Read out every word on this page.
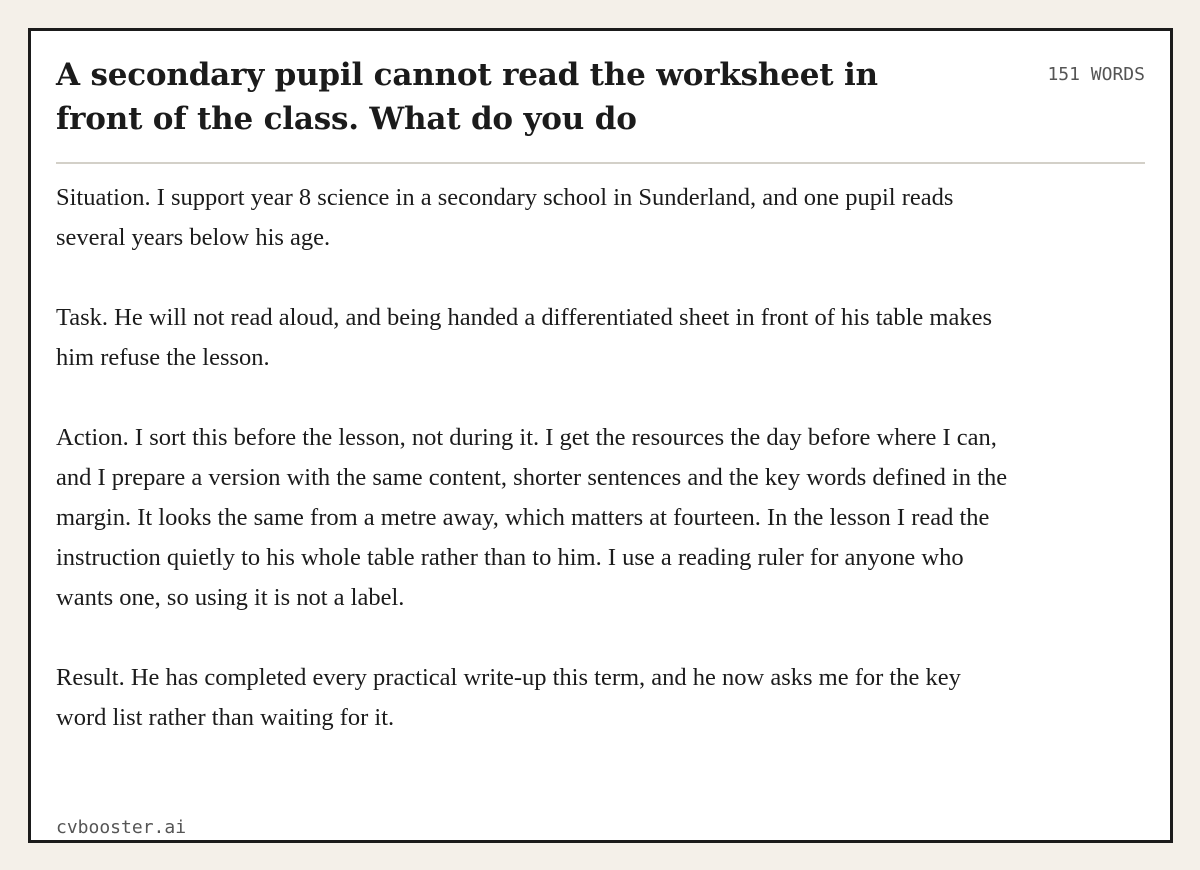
A secondary pupil cannot read the worksheet in front of the class. What do you do
151 WORDS

Situation. I support year 8 science in a secondary school in Sunderland, and one pupil reads several years below his age.

Task. He will not read aloud, and being handed a differentiated sheet in front of his table makes him refuse the lesson.

Action. I sort this before the lesson, not during it. I get the resources the day before where I can, and I prepare a version with the same content, shorter sentences and the key words defined in the margin. It looks the same from a metre away, which matters at fourteen. In the lesson I read the instruction quietly to his whole table rather than to him. I use a reading ruler for anyone who wants one, so using it is not a label.

Result. He has completed every practical write-up this term, and he now asks me for the key word list rather than waiting for it.

cvbooster.ai
